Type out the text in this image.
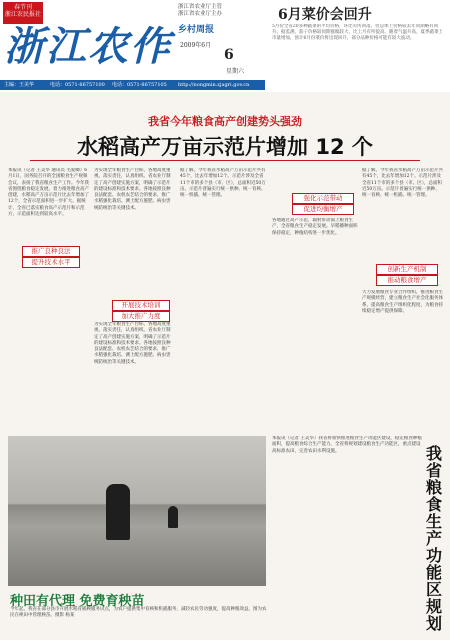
春节刊
浙江农民报社
浙江农作
浙江省农业厅主管
浙江省农业厅主办
乡村周报
2009年6月
6
星期六
主编：王美华	电话：0571-86757100 电话：0571-86757105 http://nongmin.zjagri.gov.cn
6月菜价会回升
5月份全省20多种蔬菜的平均价格，环比有所回落，但总体上价格较去年同期略有回升。据监测，茄子价格较同期涨幅较大，比上月有所提高。随着气温升高，夏季蔬菜上市量增加，预计6月份菜价将出现回升，部分品种价格可能有较大波动。
我省今年粮食高产创建势头强劲
水稻高产万亩示范片增加 12 个
本报讯（记者 王美华 通讯员 毛爱卿）6月1日，国务院召开的全国粮食生产视频会议，表扬了我省粮食生产工作。今年我省围绕粮食稳定发展，着力推进粮食高产创建，水稻高产万亩示范片比去年增加了12个，全省示范面积进一步扩大。据统计，全省已落实粮食高产示范片和示范方，示范面积达到较高水平。
为实现全年粮食生产目标，各地高度重视，落实责任，认真组织。省农业厅制定了高产创建实施方案，明确了示范片的建设标准和技术要求。各地按照良种良法配套、农机农艺结合的要求，推广水稻强化栽培、测土配方施肥、病虫害统防统治等关键技术。
推广良种良法
提升技术水平
开展技术培训
加大推广力度
为实现全年粮食生产目标，各地高度重视，落实责任，认真组织。省农业厅制定了高产创建实施方案，明确了示范片的建设标准和技术要求。各地按照良种良法配套、农机农艺结合的要求，推广水稻强化栽培、测土配方施肥、病虫害统防统治等关键技术。
据了解，今年我省水稻高产万亩示范片共有45个，比去年增加12个。示范片涉及全省11个市的多个县（市、区），总面积近50万亩。示范片普遍实行统一供种、统一育秧、统一机插、统一管理。	强化示范带动
促进均衡增产
各地通过高产示范，辐射带动面上粮食生产，全省粮食生产稳定发展。早稻播种面积保持稳定，种植结构进一步优化。
创新生产机制
推动粮食增产
据了解，今年我省水稻高产万亩示范片共有45个，比去年增加12个。示范片涉及全省11个市的多个县（市、区），总面积近50万亩。示范片普遍实行统一供种、统一育秧、统一机插、统一管理。
大力发展粮食专业合作组织，推进粮食生产规模经营，建立粮食生产社会化服务体系，提高粮食生产组织化程度，为粮食持续稳定增产提供保障。
种田有代理 免费育秧苗
今年起，我省在部分县市开展水稻育插秧服务试点，为农户提供集中育秧和机插服务，减轻农民劳动强度，提高种粮效益。图为农民在秧田中管理秧苗。摄影 杨某
本报讯（记者 王美华）我省将加快推进粮食生产功能区建设，稳定粮食种植面积，提高粮食综合生产能力。全省将规划建设粮食生产功能区，重点建设高标准农田，完善农田水利设施。	我省粮食生产功能区规划
